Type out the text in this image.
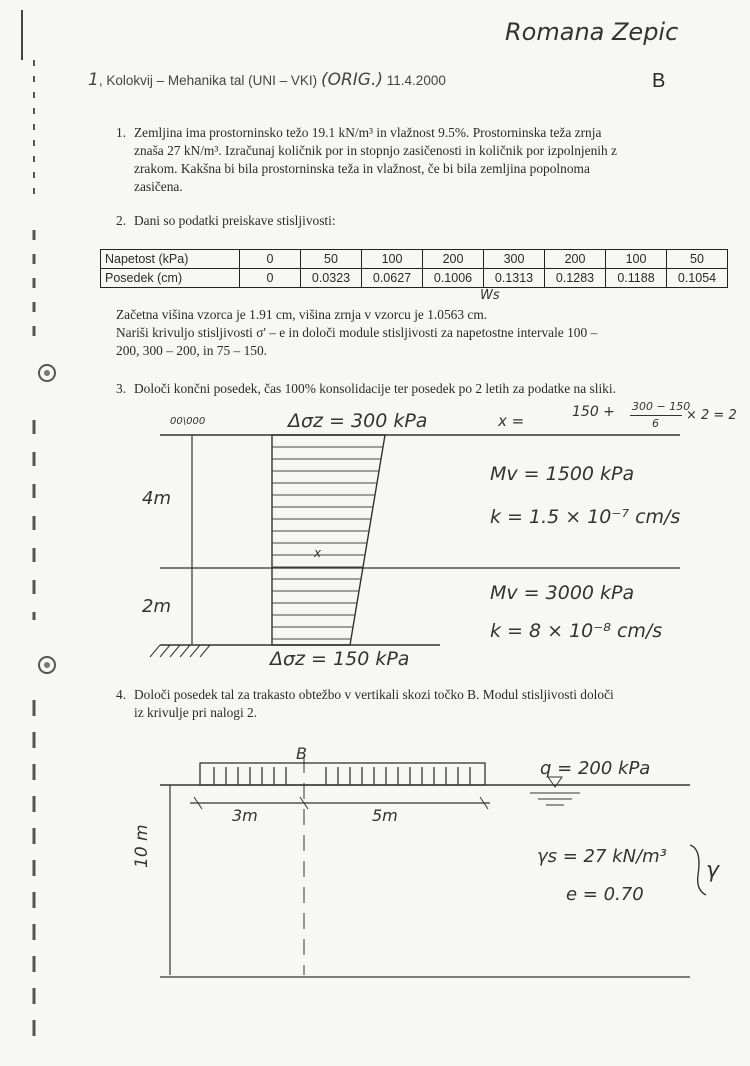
Romana Zepic
1, Kolokvij – Mehanika tal (UNI – VKI) (ORIG.) 11.4.2000	B
1. Zemljina ima prostorninsko težo 19.1 kN/m³ in vlažnost 9.5%. Prostorninska teža zrnja
znaša 27 kN/m³. Izračunaj količnik por in stopnjo zasičenosti in količnik por izpolnjenih z
zrakom. Kakšna bi bila prostorninska teža in vlažnost, če bi bila zemljina popolnoma
zasičena.
2. Dani so podatki preiskave stisljivosti:
Napetost (kPa)	0	50	100	200	300	200	100	50
Posedek (cm)	0	0.0323	0.0627	0.1006	0.1313	0.1283	0.1188	0.1054
Ws
Začetna višina vzorca je 1.91 cm, višina zrnja v vzorcu je 1.0563 cm.
Nariši krivuljo stisljivosti σ' – e in določi module stisljivosti za napetostne intervale 100 –
200, 300 – 200, in 75 – 150.
3. Določi končni posedek, čas 100% konsolidacije ter posedek po 2 letih za podatke na sliki.
x =	150 + 300 − 150
6
× 2 = 2
00\000	Δσz = 300 kPa
4m
2m
x
Δσz = 150 kPa
Mv = 1500 kPa
k = 1.5 × 10⁻⁷ cm/s
Mv = 3000 kPa
k = 8 × 10⁻⁸ cm/s
4. Določi posedek tal za trakasto obtežbo v vertikali skozi točko B. Modul stisljivosti določi
iz krivulje pri nalogi 2.
B
q = 200 kPa
3m	5m
10 m	γs = 27 kN/m³
e = 0.70
γ
